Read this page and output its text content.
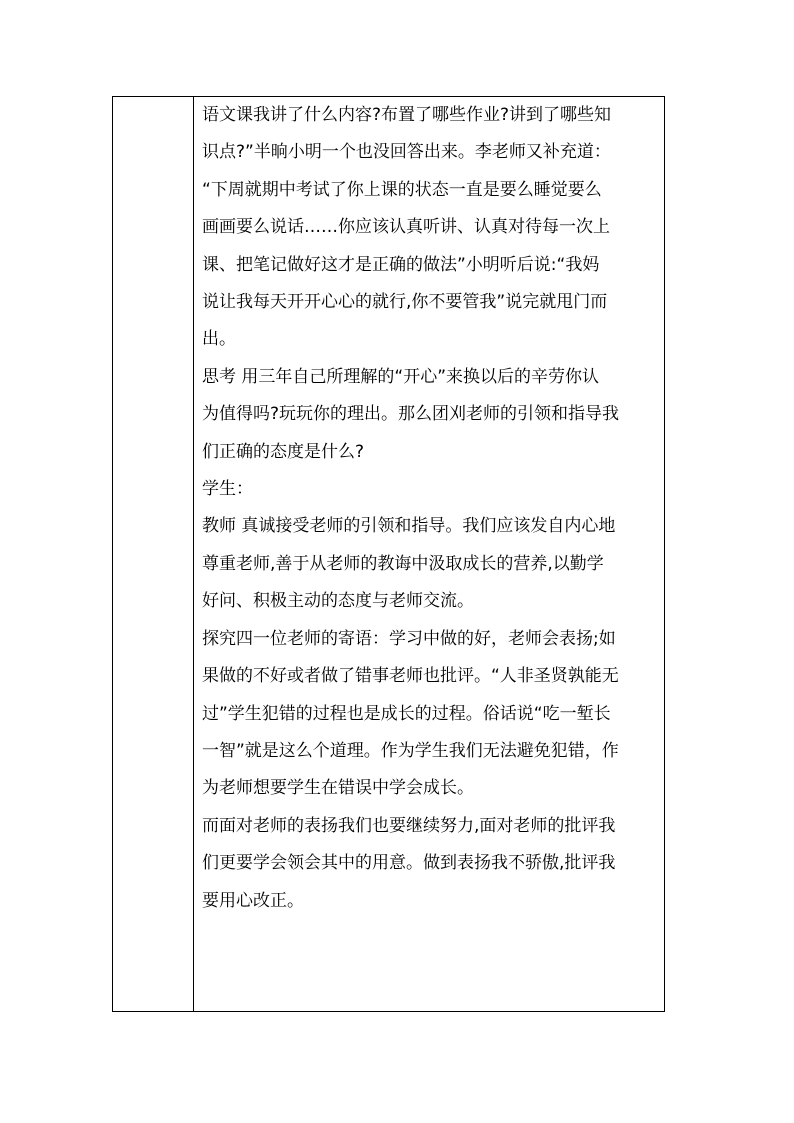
语文课我讲了什么内容?布置了哪些作业?讲到了哪些知

识点?”半晌小明一个也没回答出来。李老师又补充道：

“下周就期中考试了你上课的状态一直是要么睡觉要么

画画要么说话……你应该认真听讲、认真对待每一次上

课、把笔记做好这才是正确的做法”小明听后说:“我妈

说让我每天开开心心的就行,你不要管我”说完就甩门而

出。

思考 用三年自己所理解的“开心”来换以后的辛劳你认

为值得吗?玩玩你的理出。那么团刈老师的引领和指导我

们正确的态度是什么?

学生：

教师 真诚接受老师的引领和指导。我们应该发自内心地

尊重老师,善于从老师的教诲中汲取成长的营养,以勤学

好问、积极主动的态度与老师交流。

探究四一位老师的寄语：学习中做的好，老师会表扬;如

果做的不好或者做了错事老师也批评。“人非圣贤孰能无

过”学生犯错的过程也是成长的过程。俗话说“吃一堑长

一智”就是这么个道理。作为学生我们无法避免犯错，作

为老师想要学生在错误中学会成长。

而面对老师的表扬我们也要继续努力,面对老师的批评我

们更要学会领会其中的用意。做到表扬我不骄傲,批评我

要用心改正。
